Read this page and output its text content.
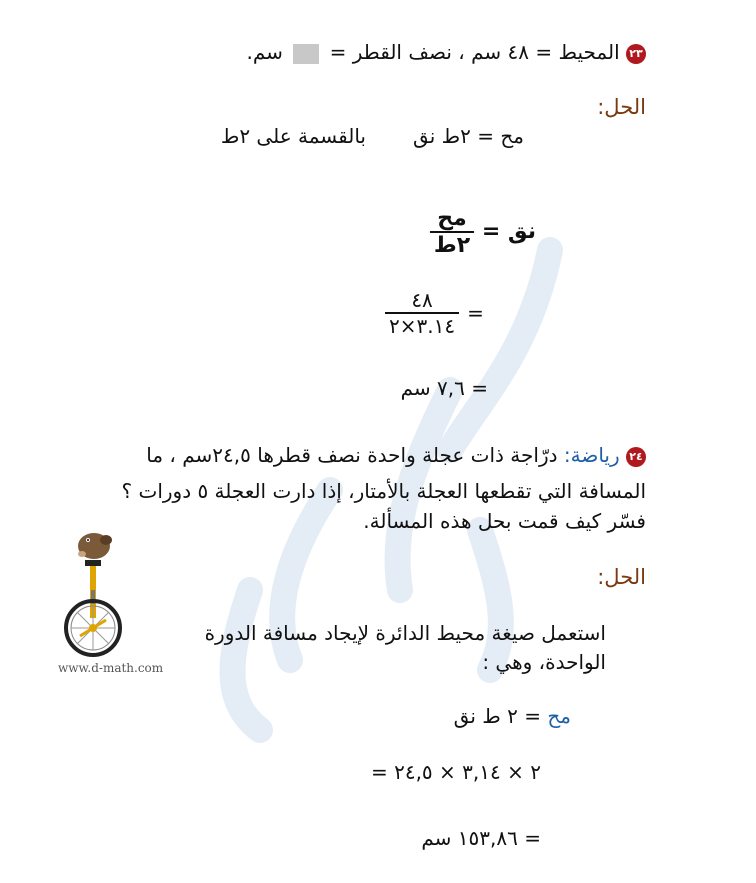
٢٣ المحيط = ٤٨ سم ، نصف القطر =  سم.
الحل:
مح = ٢ط نق
بالقسمة على ٢ط
نق =
$\frac{\text{مح}}{\text{٢ط}}$
$\frac{٤٨}{٣.١٤\times ٢}$ =
= ٧,٦ سم
٢٤ رياضة: درّاجة ذات عجلة واحدة نصف قطرها ٢٤,٥سم ، ما
المسافة التي تقطعها العجلة بالأمتار، إذا دارت العجلة ٥ دورات ؟
فسّر كيف قمت بحل هذه المسألة.
الحل:
www.d-math.com
استعمل صيغة محيط الدائرة لإيجاد مسافة الدورة
الواحدة، وهي :
مح = ٢ ط نق
= ٢ × ٣,١٤ × ٢٤,٥
= ١٥٣,٨٦ سم
